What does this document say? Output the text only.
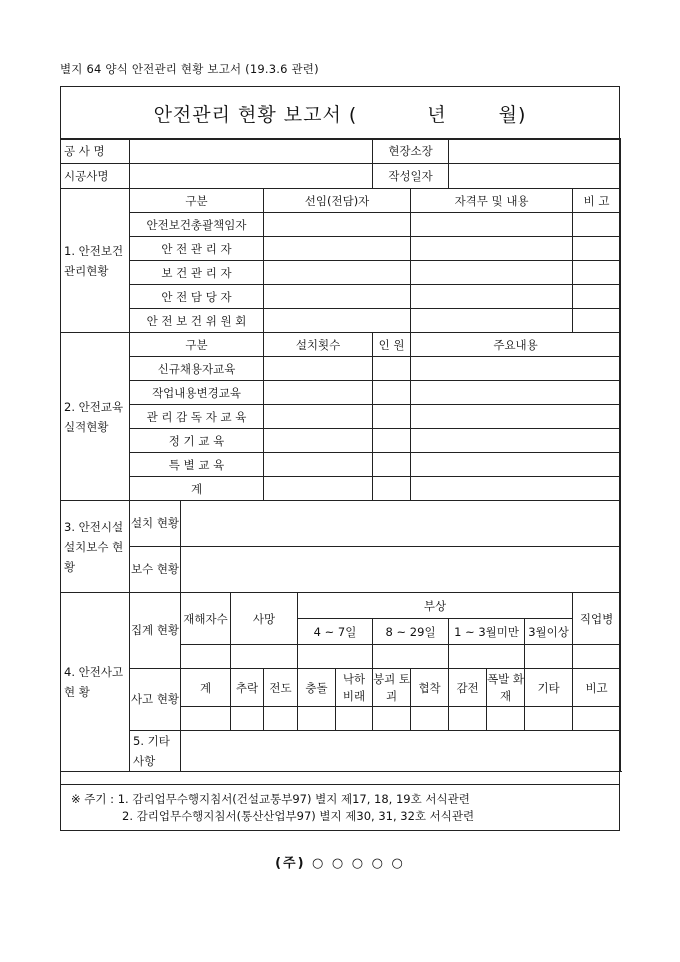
별지 64 양식 안전관리 현황 보고서 (19.3.6 관련)
안전관리 현황 보고서 (	년	월)
공 사 명							현장소장					
시공사명							작성일자					
1. 안전보건 관리현황	구분			선임(전담)자				자격무 및 내용				비 고
	안전보건총괄책임자											
	안 전 관 리 자											
	보 건 관 리 자											
	안 전 담 당 자											
	안 전 보 건 위 원 회											
2. 안전교육 실적현황	구분			설치횟수			인 원	주요내용				
	신규채용자교육											
	작업내용변경교육											
	관 리 감 독 자 교 육											
	정 기 교 육											
	특 별 교 육											
	계											
3. 안전시설 설치보수 현 황	설치 현황											
	보수 현황											
4. 안전사고 현 황	집계 현황	재해자수	사망		부상							직업병
					4 ~ 7일		8 ~ 29일		1 ~ 3월미만		3월이상	

	사고 현황	계	추락	전도	충돌	낙하 비래	붕괴 토괴	협착	감전	폭발 화재	기타	비고

	5. 기타사항											
※ 주기 : 1. 감리업무수행지침서(건설교통부97) 별지 제17, 18, 19호 서식관련
2. 감리업무수행지침서(통산산업부97) 별지 제30, 31, 32호 서식관련
(주) ○ ○ ○ ○ ○
